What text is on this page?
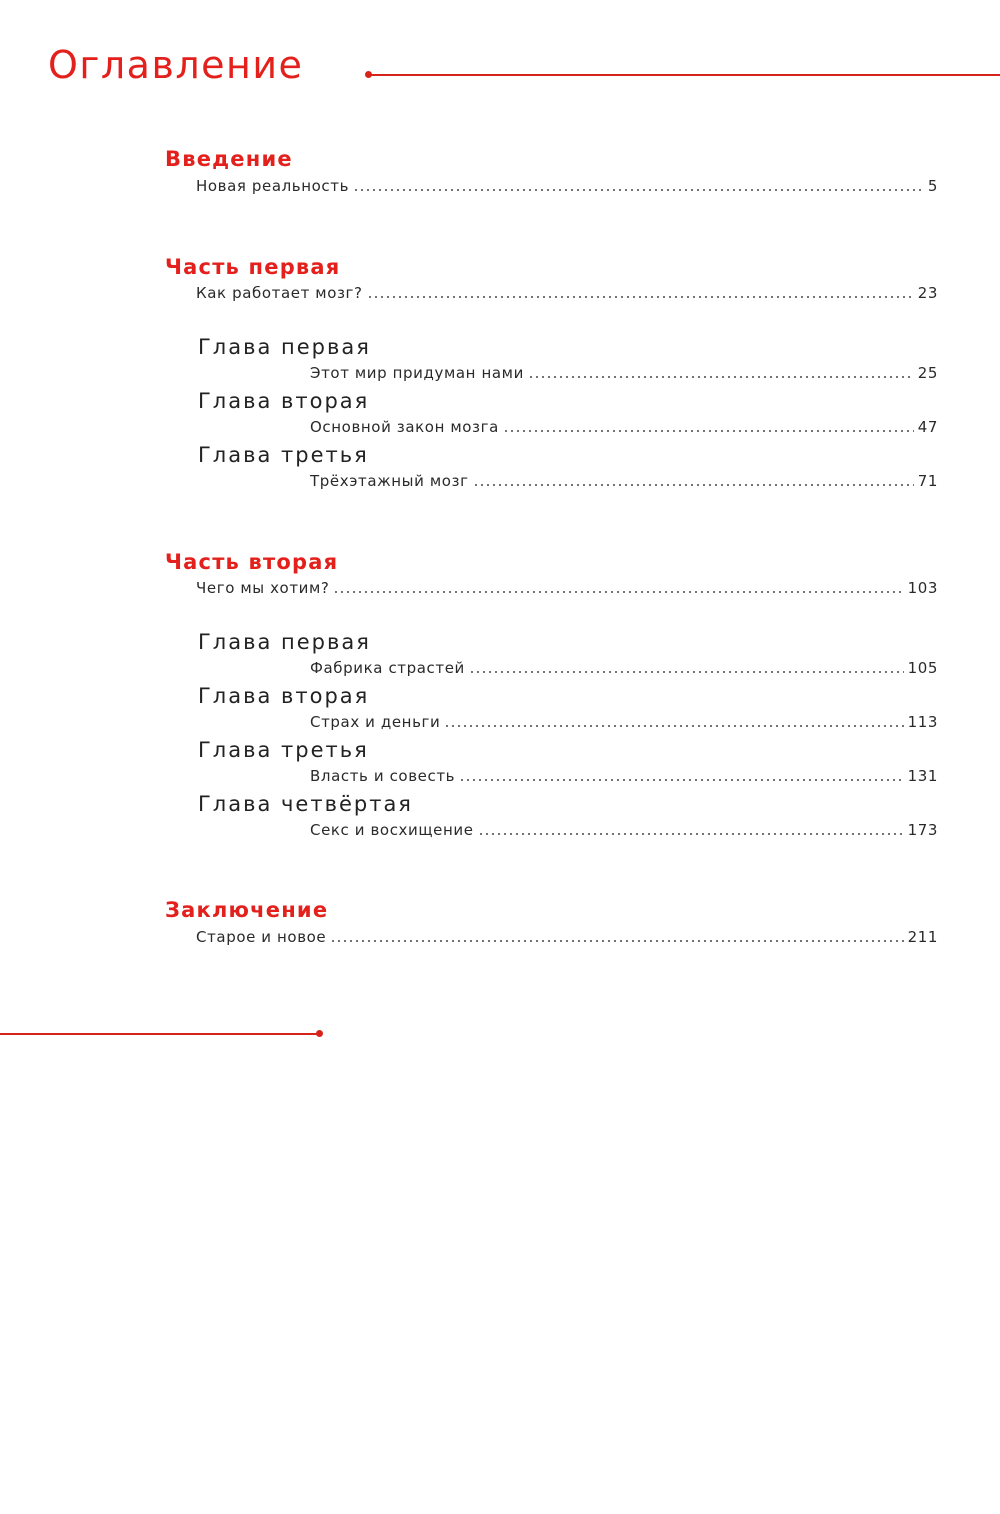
Оглавление
Введение
Новая реальность	5
Часть первая
Как работает мозг?	23
Глава первая
Этот мир придуман нами	25
Глава вторая
Основной закон мозга	47
Глава третья
Трёхэтажный мозг	71
Часть вторая
Чего мы хотим?	103
Глава первая
Фабрика страстей	105
Глава вторая
Страх и деньги	113
Глава третья
Власть и совесть	131
Глава четвёртая
Секс и восхищение	173
Заключение
Старое и новое	211
